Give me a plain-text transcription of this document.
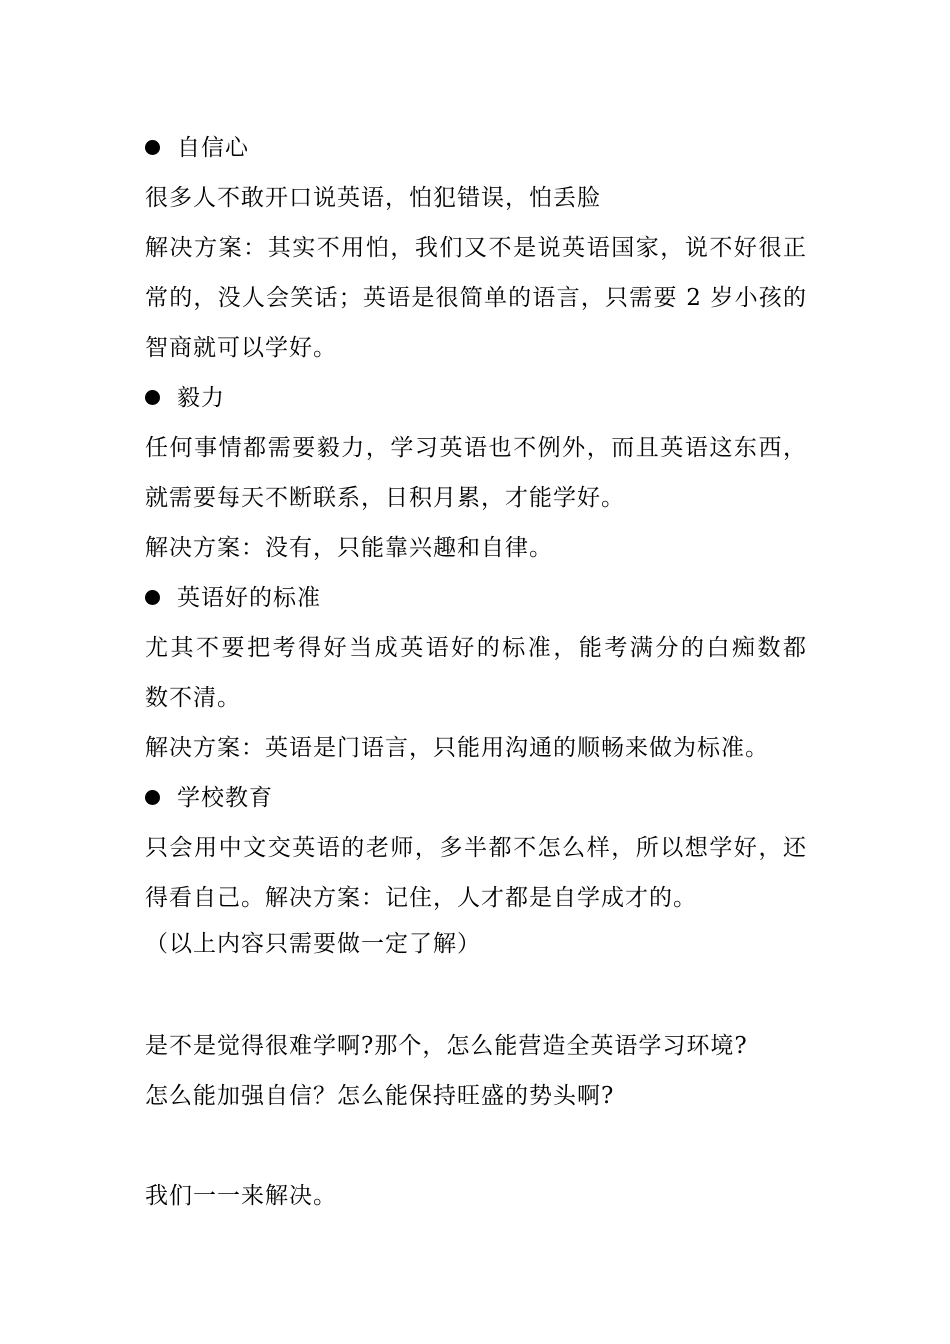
自信心
很多人不敢开口说英语，怕犯错误，怕丢脸
解决方案：其实不用怕，我们又不是说英语国家，说不好很正
常的，没人会笑话；英语是很简单的语言，只需要 2 岁小孩的
智商就可以学好。
毅力
任何事情都需要毅力，学习英语也不例外，而且英语这东西，
就需要每天不断联系，日积月累，才能学好。
解决方案：没有，只能靠兴趣和自律。
英语好的标准
尤其不要把考得好当成英语好的标准，能考满分的白痴数都
数不清。
解决方案：英语是门语言，只能用沟通的顺畅来做为标准。
学校教育
只会用中文交英语的老师，多半都不怎么样，所以想学好，还
得看自己。解决方案：记住，人才都是自学成才的。
（以上内容只需要做一定了解）
是不是觉得很难学啊?那个，怎么能营造全英语学习环境?
怎么能加强自信？怎么能保持旺盛的势头啊?
我们一一来解决。
